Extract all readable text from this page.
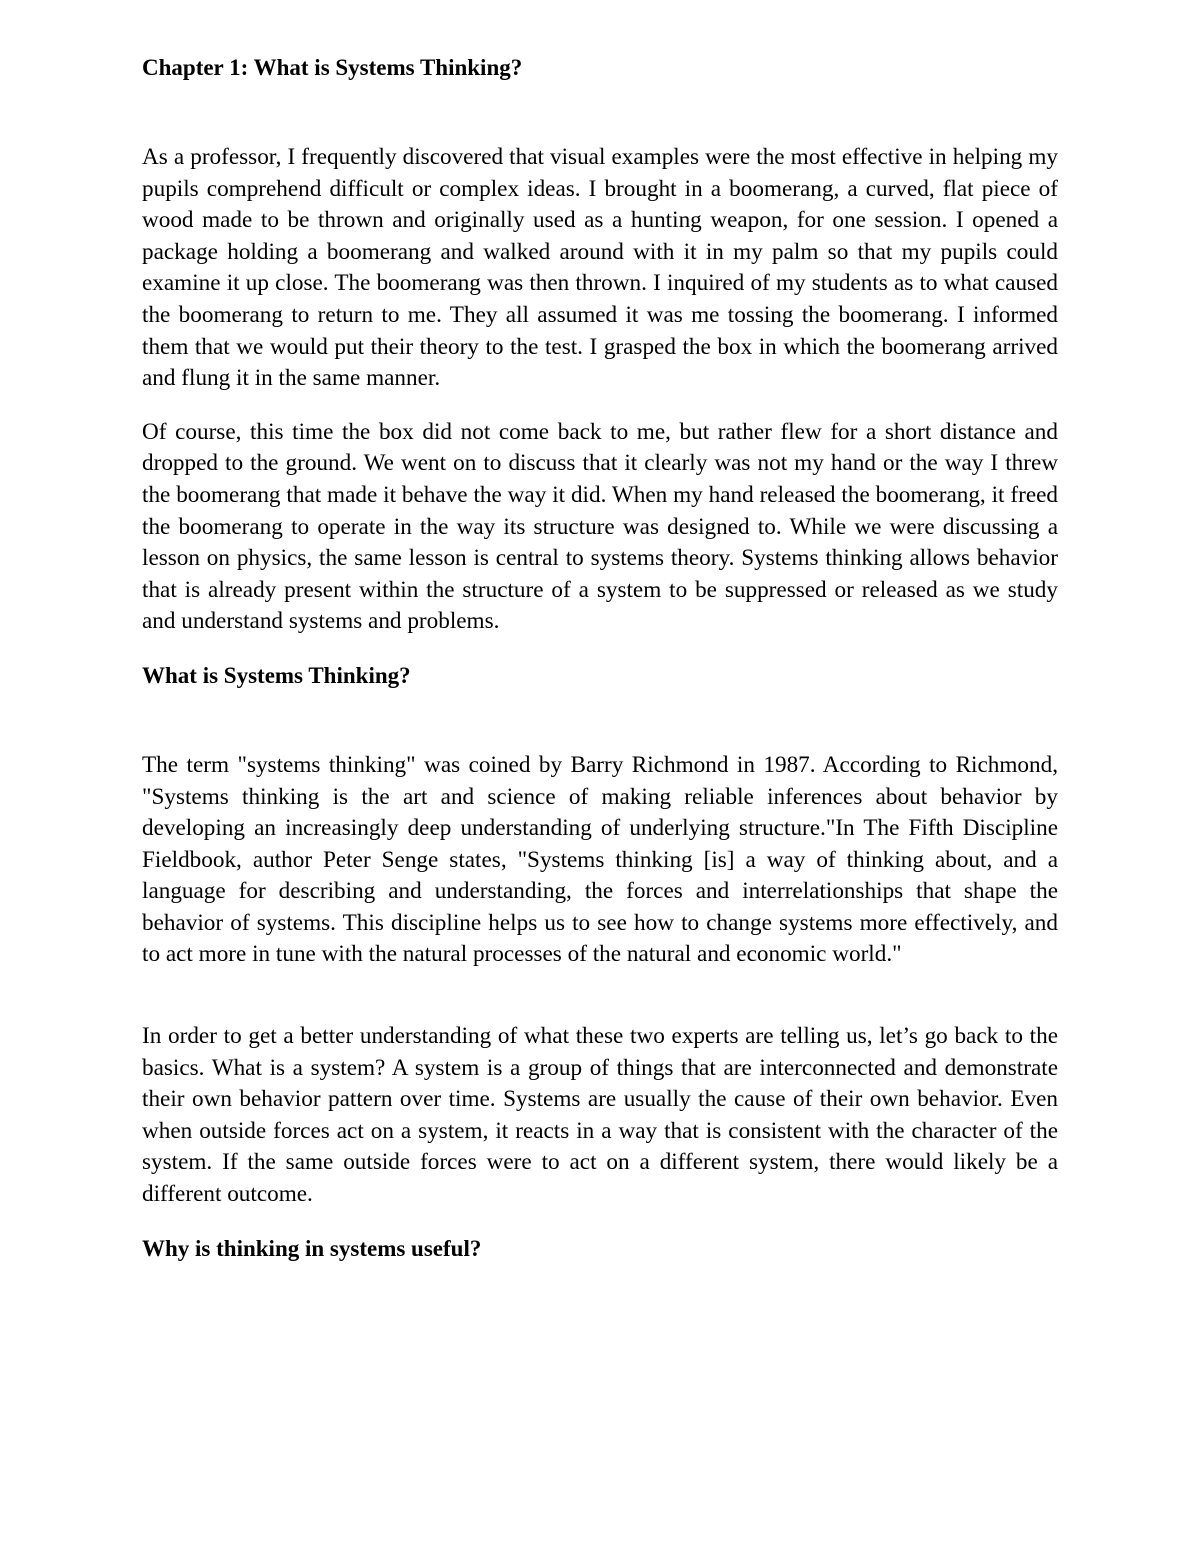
Chapter 1: What is Systems Thinking?

As a professor, I frequently discovered that visual examples were the most effective in helping my pupils comprehend difficult or complex ideas. I brought in a boomerang, a curved, flat piece of wood made to be thrown and originally used as a hunting weapon, for one session. I opened a package holding a boomerang and walked around with it in my palm so that my pupils could examine it up close. The boomerang was then thrown. I inquired of my students as to what caused the boomerang to return to me. They all assumed it was me tossing the boomerang. I informed them that we would put their theory to the test. I grasped the box in which the boomerang arrived and flung it in the same manner.

Of course, this time the box did not come back to me, but rather flew for a short distance and dropped to the ground. We went on to discuss that it clearly was not my hand or the way I threw the boomerang that made it behave the way it did. When my hand released the boomerang, it freed the boomerang to operate in the way its structure was designed to. While we were discussing a lesson on physics, the same lesson is central to systems theory. Systems thinking allows behavior that is already present within the structure of a system to be suppressed or released as we study and understand systems and problems.

What is Systems Thinking?

The term "systems thinking" was coined by Barry Richmond in 1987. According to Richmond, "Systems thinking is the art and science of making reliable inferences about behavior by developing an increasingly deep understanding of underlying structure."In The Fifth Discipline Fieldbook, author Peter Senge states, "Systems thinking [is] a way of thinking about, and a language for describing and understanding, the forces and interrelationships that shape the behavior of systems. This discipline helps us to see how to change systems more effectively, and to act more in tune with the natural processes of the natural and economic world."

In order to get a better understanding of what these two experts are telling us, let’s go back to the basics. What is a system? A system is a group of things that are interconnected and demonstrate their own behavior pattern over time. Systems are usually the cause of their own behavior. Even when outside forces act on a system, it reacts in a way that is consistent with the character of the system. If the same outside forces were to act on a different system, there would likely be a different outcome.

Why is thinking in systems useful?
